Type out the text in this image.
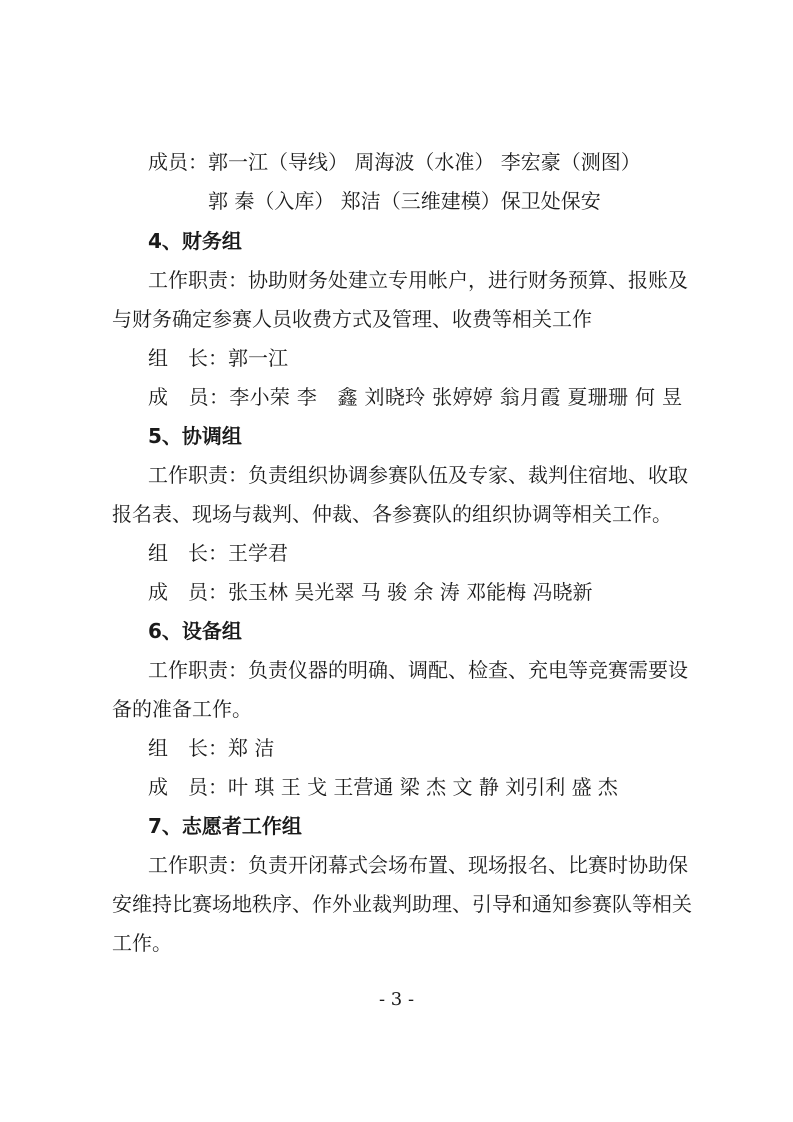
成员：郭一江（导线） 周海波（水准） 李宏豪（测图）
郭 秦（入库） 郑洁（三维建模）保卫处保安
4、财务组
工作职责：协助财务处建立专用帐户，进行财务预算、报账及
与财务确定参赛人员收费方式及管理、收费等相关工作
组　长：郭一江
成　员：李小荣 李　鑫 刘晓玲 张婷婷 翁月霞 夏珊珊 何 昱
5、协调组
工作职责：负责组织协调参赛队伍及专家、裁判住宿地、收取
报名表、现场与裁判、仲裁、各参赛队的组织协调等相关工作。
组　长：王学君
成　员：张玉林 吴光翠 马 骏 余 涛 邓能梅 冯晓新
6、设备组
工作职责：负责仪器的明确、调配、检查、充电等竞赛需要设
备的准备工作。
组　长：郑 洁
成　员：叶 琪 王 戈 王营通 梁 杰 文 静 刘引利 盛 杰
7、志愿者工作组
工作职责：负责开闭幕式会场布置、现场报名、比赛时协助保
安维持比赛场地秩序、作外业裁判助理、引导和通知参赛队等相关
工作。
- 3 -
